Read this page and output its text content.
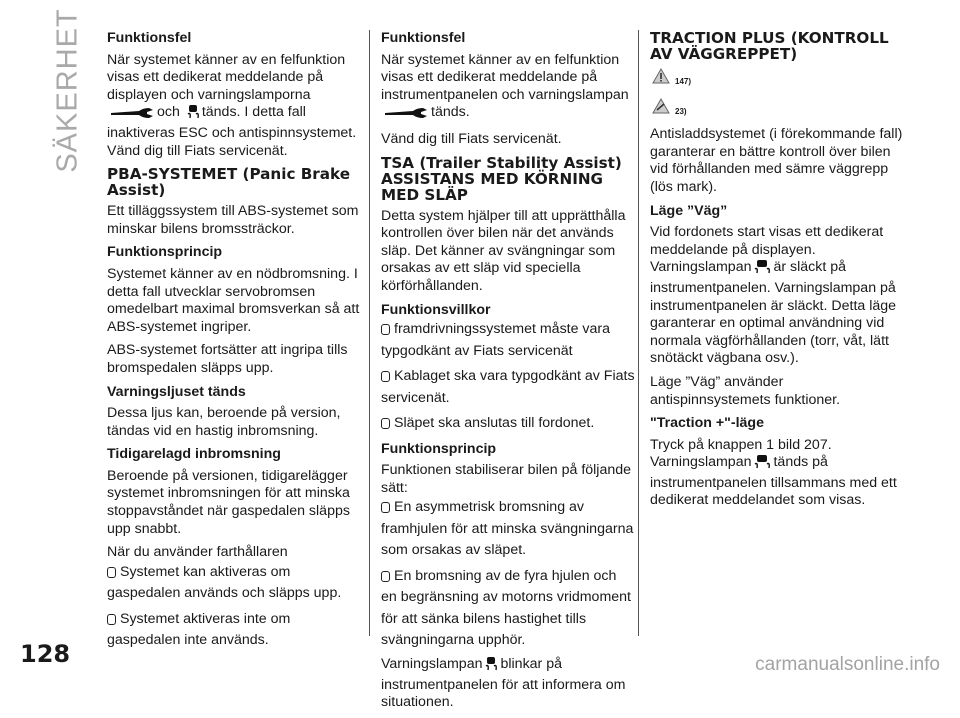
SÄKERHET
128	carmanualsonline.info
Funktionsfel

När systemet känner av en felfunktion visas ett dedikerat meddelande på displayen och varningslamporna
och tänds. I detta fall inaktiveras ESC och antispinnsystemet. Vänd dig till Fiats servicenät.

PBA-SYSTEMET (Panic Brake Assist)

Ett tilläggssystem till ABS-systemet som minskar bilens bromssträckor.

Funktionsprincip

Systemet känner av en nödbromsning. I detta fall utvecklar servobromsen omedelbart maximal bromsverkan så att ABS-systemet ingriper.

ABS-systemet fortsätter att ingripa tills bromspedalen släpps upp.

Varningsljuset tänds

Dessa ljus kan, beroende på version, tändas vid en hastig inbromsning.

Tidigarelagd inbromsning

Beroende på versionen, tidigarelägger systemet inbromsningen för att minska stoppavståndet när gaspedalen släpps upp snabbt.

När du använder farthållaren

Systemet kan aktiveras om gaspedalen används och släpps upp.
Systemet aktiveras inte om gaspedalen inte används.
Funktionsfel

När systemet känner av en felfunktion visas ett dedikerat meddelande på instrumentpanelen och varningslampan
tänds.

Vänd dig till Fiats servicenät.

TSA (Trailer Stability Assist) ASSISTANS MED KÖRNING MED SLÄP

Detta system hjälper till att upprätthålla kontrollen över bilen när det används släp. Det känner av svängningar som orsakas av ett släp vid speciella körförhållanden.

Funktionsvillkor
framdrivningssystemet måste vara typgodkänt av Fiats servicenät
Kablaget ska vara typgodkänt av Fiats servicenät.
Släpet ska anslutas till fordonet.
Funktionsprincip

Funktionen stabiliserar bilen på följande sätt:

En asymmetrisk bromsning av framhjulen för att minska svängningarna som orsakas av släpet.
En bromsning av de fyra hjulen och en begränsning av motorns vridmoment för att sänka bilens hastighet tills svängningarna upphör.

Varningslampan blinkar på instrumentpanelen för att informera om situationen.

TRACTION PLUS (KONTROLL AV VÄGGREPPET)
147)
23)

Antisladdsystemet (i förekommande fall) garanterar en bättre kontroll över bilen vid förhållanden med sämre väggrepp (lös mark).

Läge ”Väg”

Vid fordonets start visas ett dedikerat meddelande på displayen. Varningslampan är släckt på instrumentpanelen. Varningslampan på instrumentpanelen är släckt. Detta läge garanterar en optimal användning vid normala vägförhållanden (torr, våt, lätt snötäckt vägbana osv.).

Läge ”Väg” använder antispinnsystemets funktioner.

"Traction +"-läge

Tryck på knappen 1 bild 207. Varningslampan tänds på instrumentpanelen tillsammans med ett dedikerat meddelandet som visas.
